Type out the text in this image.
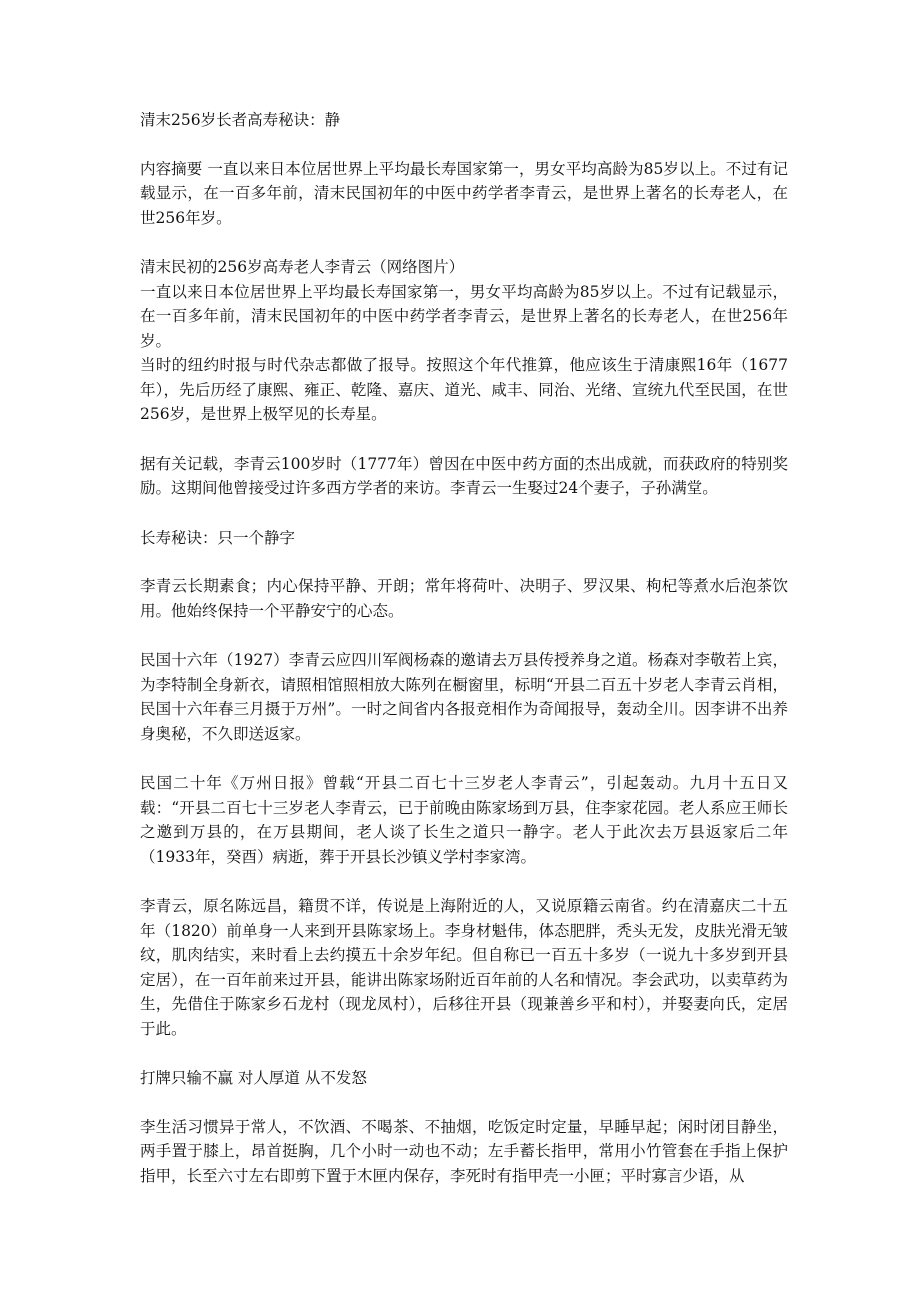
清末256岁长者高寿秘诀：静
内容摘要 一直以来日本位居世界上平均最长寿国家第一，男女平均高龄为85岁以上。不过有记载显示，在一百多年前，清末民国初年的中医中药学者李青云，是世界上著名的长寿老人，在世256年岁。
清末民初的256岁高寿老人李青云（网络图片）
一直以来日本位居世界上平均最长寿国家第一，男女平均高龄为85岁以上。不过有记载显示，在一百多年前，清末民国初年的中医中药学者李青云，是世界上著名的长寿老人，在世256年岁。
当时的纽约时报与时代杂志都做了报导。按照这个年代推算，他应该生于清康熙16年（1677年），先后历经了康熙、雍正、乾隆、嘉庆、道光、咸丰、同治、光绪、宣统九代至民国，在世256岁，是世界上极罕见的长寿星。
据有关记载，李青云100岁时（1777年）曾因在中医中药方面的杰出成就，而获政府的特别奖励。这期间他曾接受过许多西方学者的来访。李青云一生娶过24个妻子，子孙满堂。
长寿秘诀：只一个静字
李青云长期素食；内心保持平静、开朗；常年将荷叶、决明子、罗汉果、枸杞等煮水后泡茶饮用。他始终保持一个平静安宁的心态。
民国十六年（1927）李青云应四川军阀杨森的邀请去万县传授养身之道。杨森对李敬若上宾，为李特制全身新衣，请照相馆照相放大陈列在橱窗里，标明“开县二百五十岁老人李青云肖相，民国十六年春三月摄于万州”。一时之间省内各报竞相作为奇闻报导，轰动全川。因李讲不出养身奥秘，不久即送返家。
民国二十年《万州日报》曾载“开县二百七十三岁老人李青云”，引起轰动。九月十五日又载：“开县二百七十三岁老人李青云，已于前晚由陈家场到万县，住李家花园。老人系应王师长之邀到万县的，在万县期间，老人谈了长生之道只一静字。老人于此次去万县返家后二年（1933年，癸酉）病逝，葬于开县长沙镇义学村李家湾。
李青云，原名陈远昌，籍贯不详，传说是上海附近的人，又说原籍云南省。约在清嘉庆二十五年（1820）前单身一人来到开县陈家场上。李身材魁伟，体态肥胖，秃头无发，皮肤光滑无皱纹，肌肉结实，来时看上去约摸五十余岁年纪。但自称已一百五十多岁（一说九十多岁到开县定居），在一百年前来过开县，能讲出陈家场附近百年前的人名和情况。李会武功，以卖草药为生，先借住于陈家乡石龙村（现龙凤村），后移往开县（现兼善乡平和村），并娶妻向氏，定居于此。
打牌只输不赢 对人厚道 从不发怒
李生活习惯异于常人，不饮酒、不喝茶、不抽烟，吃饭定时定量，早睡早起；闲时闭目静坐，两手置于膝上，昂首挺胸，几个小时一动也不动；左手蓄长指甲，常用小竹管套在手指上保护指甲，长至六寸左右即剪下置于木匣内保存，李死时有指甲壳一小匣；平时寡言少语，从
